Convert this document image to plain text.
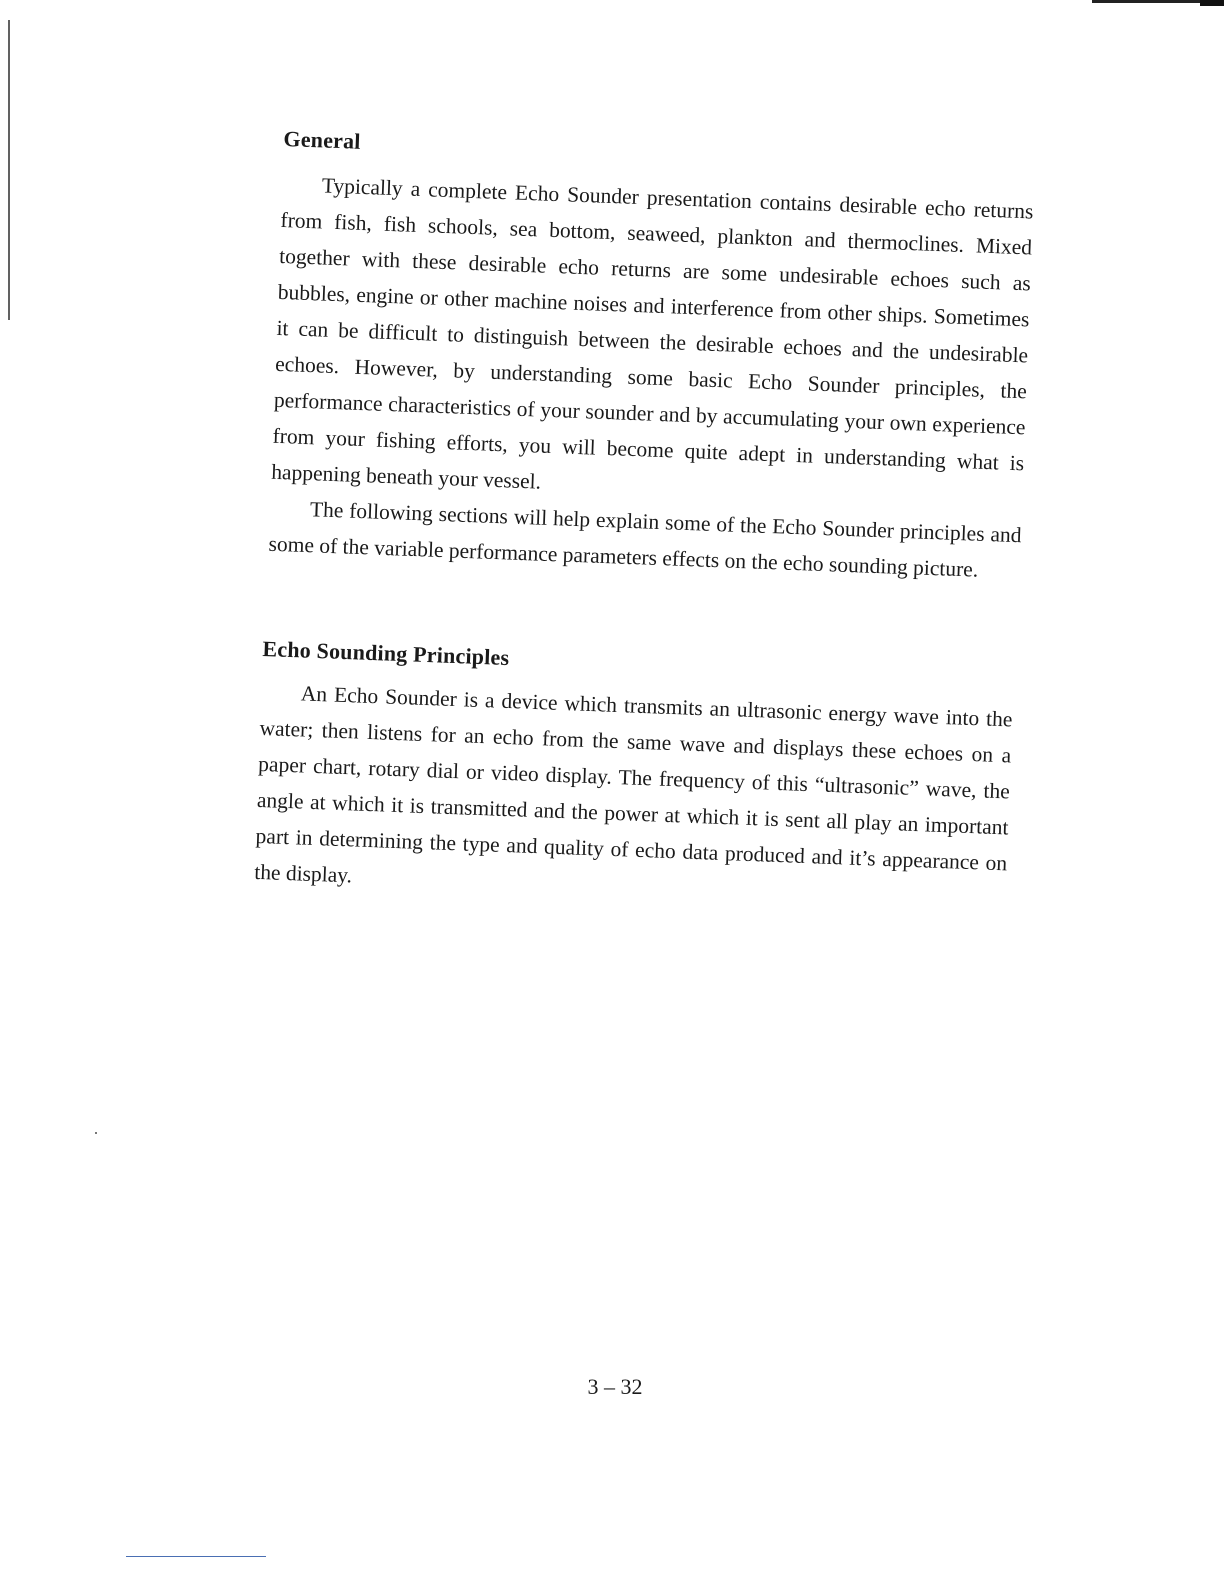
General

Typically a complete Echo Sounder presentation contains desirable echo returns from fish, fish schools, sea bottom, seaweed, plankton and thermoclines. Mixed together with these desirable echo returns are some undesirable echoes such as bubbles, engine or other machine noises and interference from other ships. Sometimes it can be difficult to distinguish between the desirable echoes and the undesirable echoes. However, by understanding some basic Echo Sounder principles, the performance characteristics of your sounder and by accumulating your own experience from your fishing efforts, you will become quite adept in understanding what is happening beneath your vessel.

The following sections will help explain some of the Echo Sounder principles and some of the variable performance parameters effects on the echo sounding picture.

Echo Sounding Principles

An Echo Sounder is a device which transmits an ultrasonic energy wave into the water; then listens for an echo from the same wave and displays these echoes on a paper chart, rotary dial or video display. The frequency of this “ultrasonic” wave, the angle at which it is transmitted and the power at which it is sent all play an important part in determining the type and quality of echo data produced and it’s appearance on the display.

3 – 32
